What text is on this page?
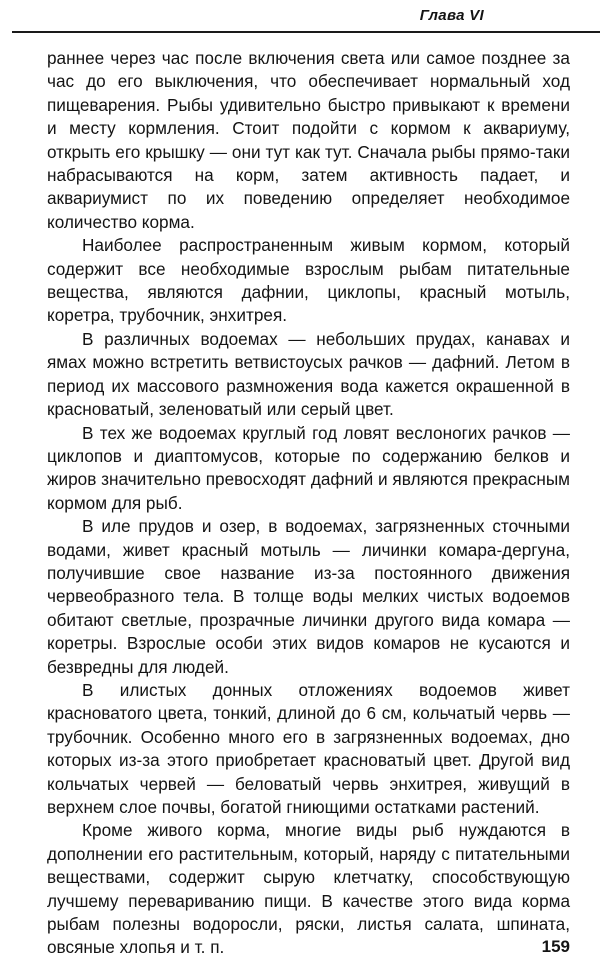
Глава VI

раннее через час после включения света или самое позднее за час до его выключения, что обеспечивает нормальный ход пищеварения. Рыбы удивительно быстро привыкают к времени и месту кормления. Стоит подойти с кормом к аквариуму, открыть его крышку — они тут как тут. Сначала рыбы прямо-таки набрасываются на корм, затем активность падает, и аквариумист по их поведению определяет необходимое количество корма.

Наиболее распространенным живым кормом, который содержит все необходимые взрослым рыбам питательные вещества, являются дафнии, циклопы, красный мотыль, коретра, трубочник, энхитрея.

В различных водоемах — небольших прудах, канавах и ямах можно встретить ветвистоусых рачков — дафний. Летом в период их массового размножения вода кажется окрашенной в красноватый, зеленоватый или серый цвет.

В тех же водоемах круглый год ловят веслоногих рачков — циклопов и диаптомусов, которые по содержанию белков и жиров значительно превосходят дафний и являются прекрасным кормом для рыб.

В иле прудов и озер, в водоемах, загрязненных сточными водами, живет красный мотыль — личинки комара-дергуна, получившие свое название из-за постоянного движения червеобразного тела. В толще воды мелких чистых водоемов обитают светлые, прозрачные личинки другого вида комара — коретры. Взрослые особи этих видов комаров не кусаются и безвредны для людей.

В илистых донных отложениях водоемов живет красноватого цвета, тонкий, длиной до 6 см, кольчатый червь — трубочник. Особенно много его в загрязненных водоемах, дно которых из-за этого приобретает красноватый цвет. Другой вид кольчатых червей — беловатый червь энхитрея, живущий в верхнем слое почвы, богатой гниющими остатками растений.

Кроме живого корма, многие виды рыб нуждаются в дополнении его растительным, который, наряду с питательными веществами, содержит сырую клетчатку, способствующую лучшему перевариванию пищи. В качестве этого вида корма рыбам полезны водоросли, ряски, листья салата, шпината, овсяные хлопья и т. п.	159
